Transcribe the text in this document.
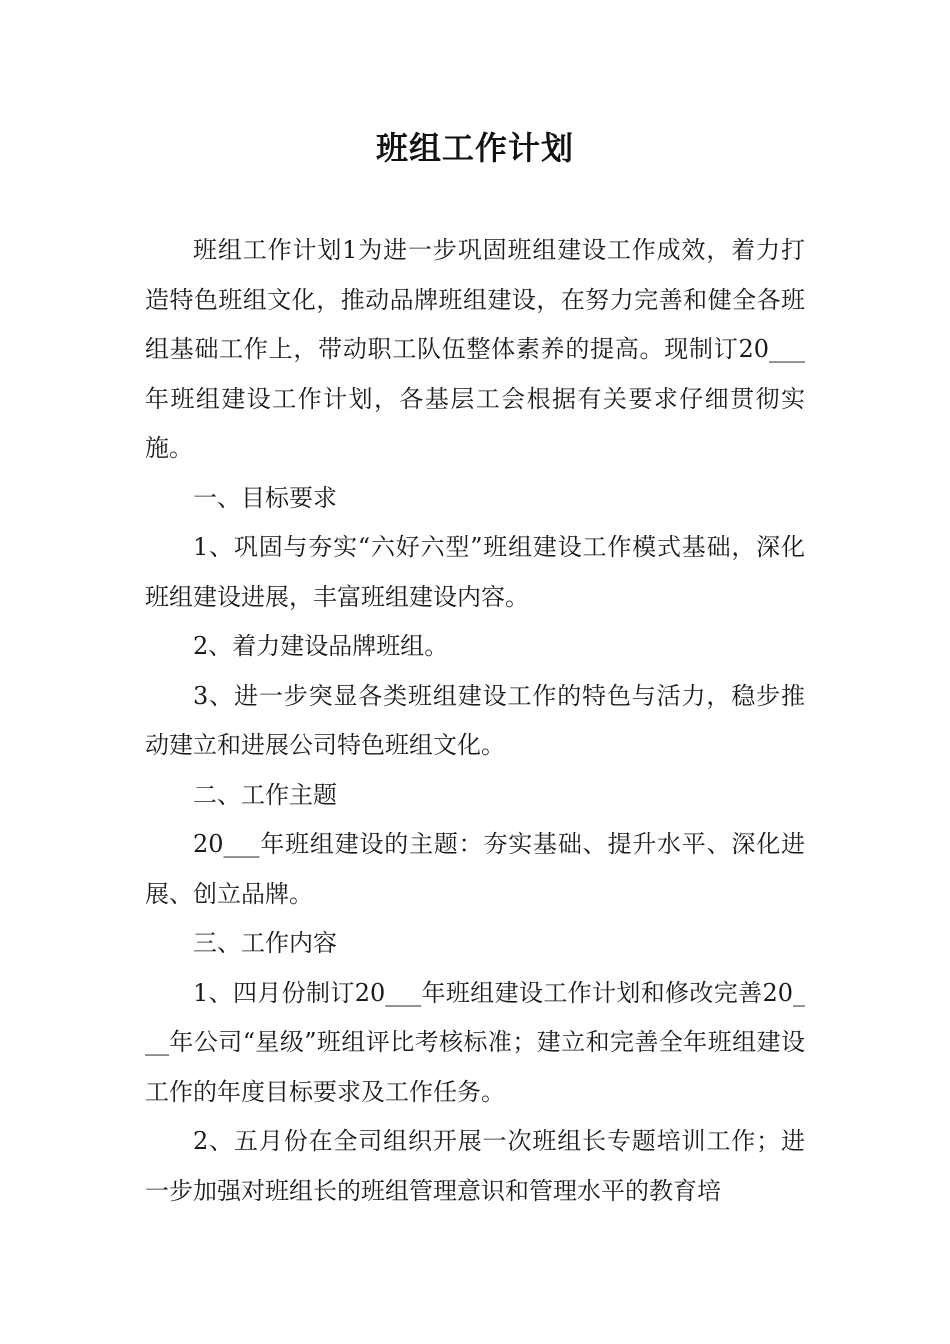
班组工作计划

班组工作计划1为进一步巩固班组建设工作成效，着力打造特色班组文化，推动品牌班组建设，在努力完善和健全各班组基础工作上，带动职工队伍整体素养的提高。现制订20___年班组建设工作计划，各基层工会根据有关要求仔细贯彻实施。

一、目标要求

1、巩固与夯实“六好六型”班组建设工作模式基础，深化班组建设进展，丰富班组建设内容。

2、着力建设品牌班组。

3、进一步突显各类班组建设工作的特色与活力，稳步推动建立和进展公司特色班组文化。

二、工作主题

20___年班组建设的主题：夯实基础、提升水平、深化进展、创立品牌。

三、工作内容

1、四月份制订20___年班组建设工作计划和修改完善20___年公司“星级”班组评比考核标准；建立和完善全年班组建设工作的年度目标要求及工作任务。

2、五月份在全司组织开展一次班组长专题培训工作；进一步加强对班组长的班组管理意识和管理水平的教育培
